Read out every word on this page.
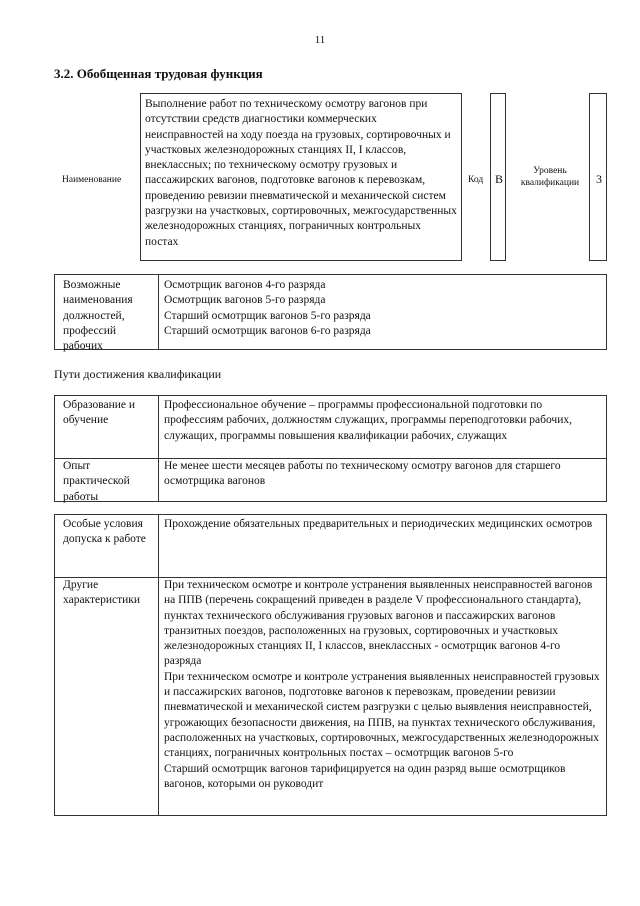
11
3.2. Обобщенная трудовая функция
Наименование
Выполнение работ по техническому осмотру вагонов при отсутствии средств диагностики коммерческих неисправностей на ходу поезда на грузовых, сортировочных и участковых железнодорожных станциях II, I классов, внеклассных; по техническому осмотру грузовых и пассажирских вагонов, подготовке вагонов к перевозкам, проведению ревизии пневматической и механической систем разгрузки на участковых, сортировочных, межгосударственных железнодорожных станциях, пограничных контрольных постах
Код B
Уровень квалификации	3
Возможные наименования должностей, профессий рабочих
Осмотрщик вагонов 4-го разряда
Осмотрщик вагонов 5-го разряда
Старший осмотрщик вагонов 5-го разряда
Старший осмотрщик вагонов 6-го разряда
Пути достижения квалификации
Образование и обучение
Профессиональное обучение – программы профессиональной подготовки по профессиям рабочих, должностям служащих, программы переподготовки рабочих, служащих, программы повышения квалификации рабочих, служащих
Опыт практической работы
Не менее шести месяцев работы по техническому осмотру вагонов для старшего осмотрщика вагонов
Особые условия допуска к работе
Прохождение обязательных предварительных и периодических медицинских осмотров
Другие характеристики
При техническом осмотре и контроле устранения выявленных неисправностей вагонов на ППВ (перечень сокращений приведен в разделе V профессионального стандарта), пунктах технического обслуживания грузовых вагонов и пассажирских вагонов транзитных поездов, расположенных на грузовых, сортировочных и участковых железнодорожных станциях II, I классов, внеклассных - осмотрщик вагонов 4-го разряда
При техническом осмотре и контроле устранения выявленных неисправностей грузовых и пассажирских вагонов, подготовке вагонов к перевозкам, проведении ревизии пневматической и механической систем разгрузки с целью выявления неисправностей, угрожающих безопасности движения, на ППВ, на пунктах технического обслуживания, расположенных на участковых, сортировочных, межгосударственных железнодорожных станциях, пограничных контрольных постах – осмотрщик вагонов 5-го
Старший осмотрщик вагонов тарифицируется на один разряд выше осмотрщиков вагонов, которыми он руководит
